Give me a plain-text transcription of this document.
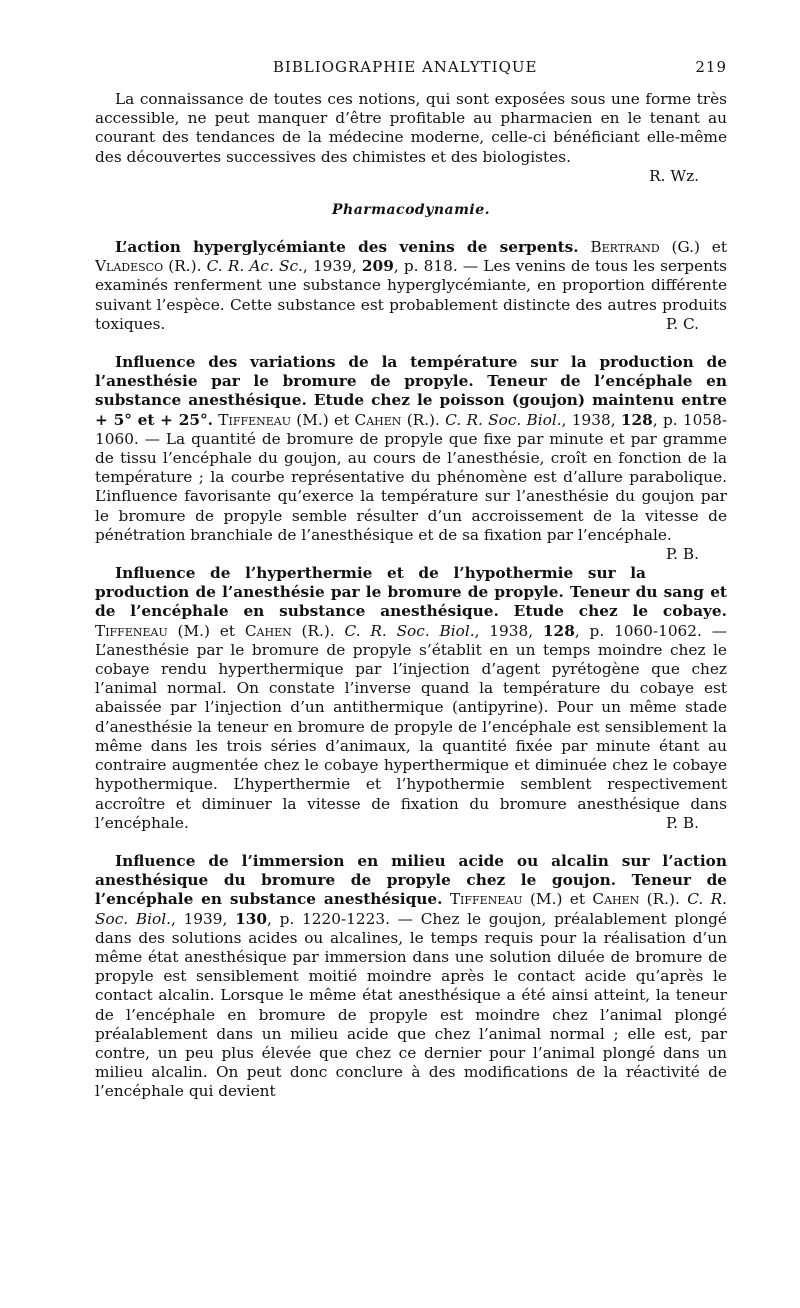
BIBLIOGRAPHIE ANALYTIQUE	219

La connaissance de toutes ces notions, qui sont exposées sous une forme très accessible, ne peut manquer d’être profitable au pharmacien en le tenant au courant des tendances de la médecine moderne, celle-ci bénéficiant elle-même des découvertes successives des chimistes et des biologistes.

R. Wz.
Pharmacodynamie.

L’action hyperglycémiante des venins de serpents. Bertrand (G.) et Vladesco (R.). C. R. Ac. Sc., 1939, 209, p. 818. — Les venins de tous les serpents examinés renferment une substance hyperglycémiante, en proportion différente suivant l’espèce. Cette substance est probablement distincte des autres produits toxiques.	P. C.

Influence des variations de la température sur la production de l’anesthésie par le bromure de propyle. Teneur de l’encéphale en substance anesthésique. Etude chez le poisson (goujon) maintenu entre + 5° et + 25°. Tiffeneau (M.) et Cahen (R.). C. R. Soc. Biol., 1938, 128, p. 1058-1060. — La quantité de bromure de propyle que fixe par minute et par gramme de tissu l’encéphale du goujon, au cours de l’anesthésie, croît en fonction de la température ; la courbe représentative du phénomène est d’allure parabolique. L’influence favorisante qu’exerce la température sur l’anesthésie du goujon par le bromure de propyle semble résulter d’un accroissement de la vitesse de pénétration branchiale de l’anesthésique et de sa fixation par l’encéphale.
P. B.

Influence de l’hyperthermie et de l’hypothermie sur la production de l’anesthésie par le bromure de propyle. Teneur du sang et de l’encéphale en substance anesthésique. Etude chez le cobaye. Tiffeneau (M.) et Cahen (R.). C. R. Soc. Biol., 1938, 128, p. 1060-1062. — L’anesthésie par le bromure de propyle s’établit en un temps moindre chez le cobaye rendu hyperthermique par l’injection d’agent pyrétogène que chez l’animal normal. On constate l’inverse quand la température du cobaye est abaissée par l’injection d’un antithermique (antipyrine). Pour un même stade d’anesthésie la teneur en bromure de propyle de l’encéphale est sensiblement la même dans les trois séries d’animaux, la quantité fixée par minute étant au contraire augmentée chez le cobaye hyperthermique et diminuée chez le cobaye hypothermique. L’hyperthermie et l’hypothermie semblent respectivement accroître et diminuer la vitesse de fixation du bromure anesthésique dans l’encéphale.	P. B.

Influence de l’immersion en milieu acide ou alcalin sur l’action anesthésique du bromure de propyle chez le goujon. Teneur de l’encéphale en substance anesthésique. Tiffeneau (M.) et Cahen (R.). C. R. Soc. Biol., 1939, 130, p. 1220-1223. — Chez le goujon, préalablement plongé dans des solutions acides ou alcalines, le temps requis pour la réalisation d’un même état anesthésique par immersion dans une solution diluée de bromure de propyle est sensiblement moitié moindre après le contact acide qu’après le contact alcalin. Lorsque le même état anesthésique a été ainsi atteint, la teneur de l’encéphale en bromure de propyle est moindre chez l’animal plongé préalablement dans un milieu acide que chez l’animal normal ; elle est, par contre, un peu plus élevée que chez ce dernier pour l’animal plongé dans un milieu alcalin. On peut donc conclure à des modifications de la réactivité de l’encéphale qui devient
